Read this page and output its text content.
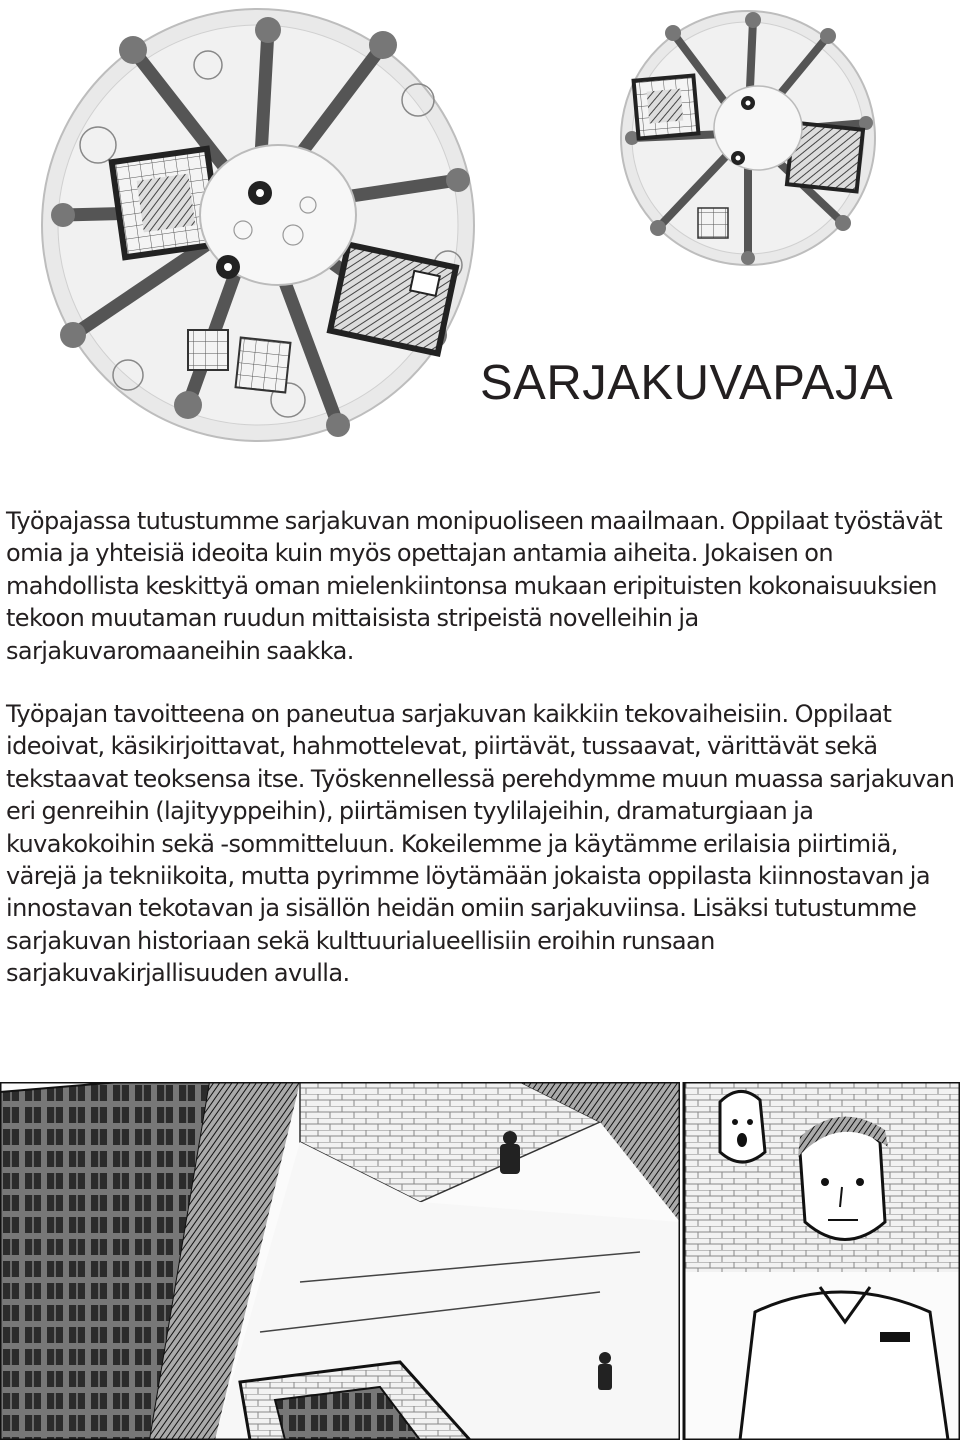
SARJAKUVAPAJA

Työpajassa tutustumme sarjakuvan monipuoliseen maailmaan. Oppilaat työstävät omia ja yhteisiä ideoita kuin myös opettajan antamia aiheita. Jokaisen on mahdollista keskittyä oman mielenkiintonsa mukaan eripituisten kokonaisuuksien tekoon muutaman ruudun mittaisista stripeistä novelleihin ja sarjakuvaromaaneihin saakka.

Työpajan tavoitteena on paneutua sarjakuvan kaikkiin tekovaiheisiin. Oppilaat ideoivat, käsikirjoittavat, hahmottelevat, piirtävät, tussaavat, värittävät sekä tekstaavat teoksensa itse. Työskennellessä perehdymme muun muassa sarjakuvan eri genreihin (lajityyppeihin), piirtämisen tyylilajeihin, dramaturgiaan ja kuvakokoihin sekä -sommitteluun. Kokeilemme ja käytämme erilaisia piirtimiä, värejä ja tekniikoita, mutta pyrimme löytämään jokaista oppilasta kiinnostavan ja innostavan tekotavan ja sisällön heidän omiin sarjakuviinsa. Lisäksi tutustumme sarjakuvan historiaan sekä kulttuurialueellisiin eroihin runsaan sarjakuvakirjallisuuden avulla.
